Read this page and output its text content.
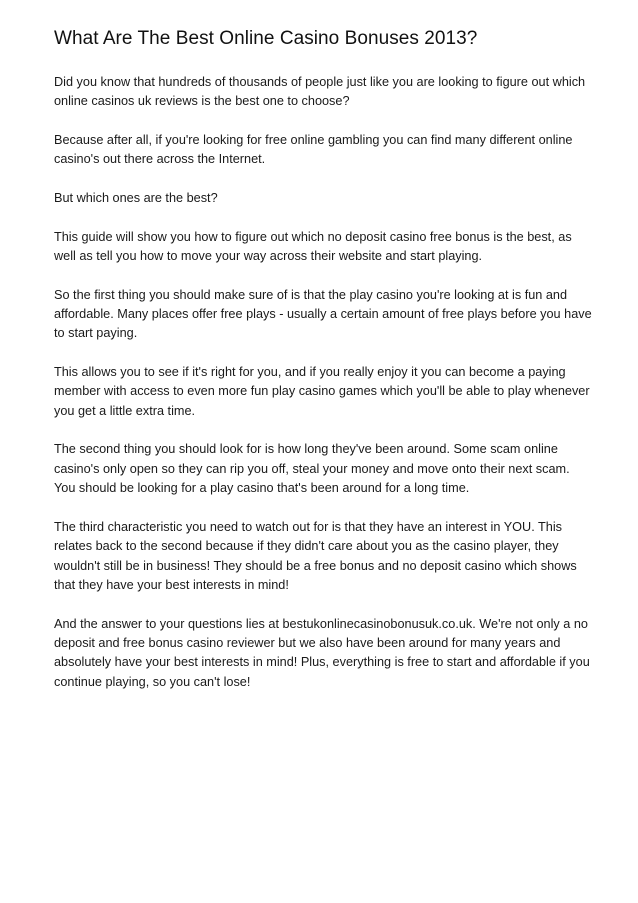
What Are The Best Online Casino Bonuses 2013?

Did you know that hundreds of thousands of people just like you are looking to figure out which online casinos uk reviews is the best one to choose?

Because after all, if you're looking for free online gambling you can find many different online casino's out there across the Internet.

But which ones are the best?

This guide will show you how to figure out which no deposit casino free bonus is the best, as well as tell you how to move your way across their website and start playing.

So the first thing you should make sure of is that the play casino you're looking at is fun and affordable. Many places offer free plays - usually a certain amount of free plays before you have to start paying.

This allows you to see if it's right for you, and if you really enjoy it you can become a paying member with access to even more fun play casino games which you'll be able to play whenever you get a little extra time.

The second thing you should look for is how long they've been around. Some scam online casino's only open so they can rip you off, steal your money and move onto their next scam. You should be looking for a play casino that's been around for a long time.

The third characteristic you need to watch out for is that they have an interest in YOU. This relates back to the second because if they didn't care about you as the casino player, they wouldn't still be in business! They should be a free bonus and no deposit casino which shows that they have your best interests in mind!

And the answer to your questions lies at bestukonlinecasinobonusuk.co.uk. We're not only a no deposit and free bonus casino reviewer but we also have been around for many years and absolutely have your best interests in mind! Plus, everything is free to start and affordable if you continue playing, so you can't lose!
